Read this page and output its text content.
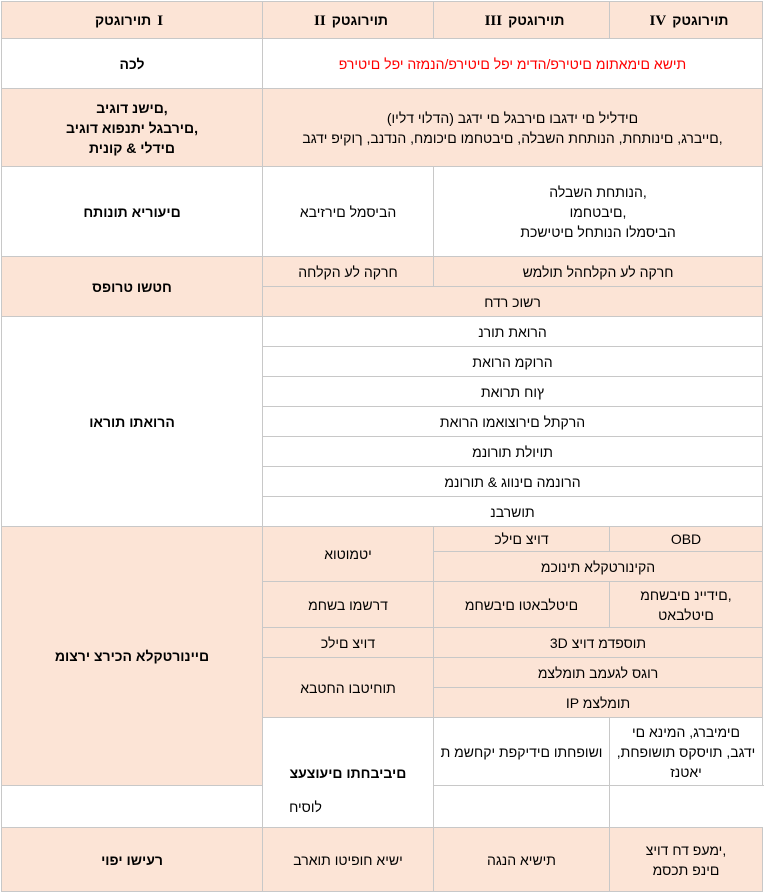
תוירוגטק I	II תוירוגטק	III תוירוגטק	IV תוירוגטק
לכה	תישא םימאתומ םיטירפ/הדימ יפל םיטירפ/הנמזה יפל םיטירפ		

םישנ דוגיב,
םירבגל יתנפוא דוגיב,
םידלי & קונית	(הדלוי דליו) םידליל םי ידגבו םירבגל םי ידגב
םייברג, םינותחת, הנותחת השבלה, םיבטחמו םיכומח, הנדנב, ךוקיפ ידגב,		

םיעוריא תונותח	הביסמל םירזיבא	הנותחת השבלה,
םיבטחמו,
הביסמלו הנותחל םיטישכת	

חטשו טרופס	חרקה לע הקלחה	חרקה לע הקלחהל תולמש	
	רשוכ רדח		
הרואתו תוראו	הרואת תורנ		
	הרוקמ הרואת		
	ץוח תרואת		
	הרקתל םירוצואמו הרואת		
	תויולת תורונמ		
	הרונמה םינווג & תורונמ		
	תושרבנ		
םיינורטקלא הכירצ ירצומ	יטמוטוא	דויצ םילכ	OBD
		הקינורטקלא תינוכמ	
	דרשמו בשחמ	םיטלבאטו םיבשחמ	םידיינ םיבשחמ,
םיטלבאט

	דויצ םילכ	3D תוספדמ דויצ	
	תוחיטבו החטבא	רוגס לגעמב תומלצמ	
		IP תומלצמ	
	םיביבחתו םיעוצעצ	ושופחתו םידיקפת יקחשמ ת	םימיברג, המינא םי ידגב, תויסקס תושופחת, יאטנז
לוסיח			
רעישו יפוי	ישיא חופיטו תוארב	תישיא הנגה	ימעפ דח דויצ,
םינפ תכסמ
